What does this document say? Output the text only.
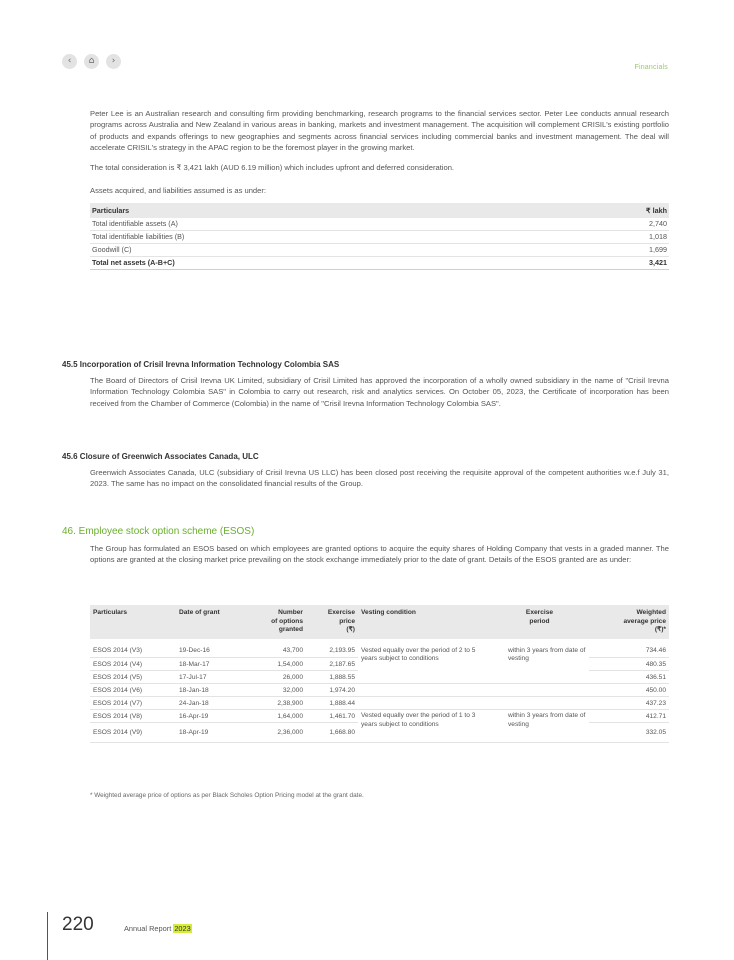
‹	⌂	›
Financials

Peter Lee is an Australian research and consulting firm providing benchmarking, research programs to the financial services sector. Peter Lee conducts annual research programs across Australia and New Zealand in various areas in banking, markets and investment management. The acquisition will complement CRISIL's existing portfolio of products and expands offerings to new geographies and segments across financial services including commercial banks and investment management. The deal will accelerate CRISIL's strategy in the APAC region to be the foremost player in the growing market.

The total consideration is ₹ 3,421 lakh (AUD 6.19 million) which includes upfront and deferred consideration.

Assets acquired, and liabilities assumed is as under:

Particulars	₹ lakh
Total identifiable assets (A)	2,740
Total identifiable liabilities (B)	1,018
Goodwill (C)	1,699
Total net assets (A-B+C)	3,421
45.5 Incorporation of Crisil Irevna Information Technology Colombia SAS

The Board of Directors of Crisil Irevna UK Limited, subsidiary of Crisil Limited has approved the incorporation of a wholly owned subsidiary in the name of "Crisil Irevna Information Technology Colombia SAS" in Colombia to carry out research, risk and analytics services. On October 05, 2023, the Certificate of incorporation has been received from the Chamber of Commerce (Colombia) in the name of "Crisil Irevna Information Technology Colombia SAS".

45.6 Closure of Greenwich Associates Canada, ULC

Greenwich Associates Canada, ULC (subsidiary of Crisil Irevna US LLC) has been closed post receiving the requisite approval of the competent authorities w.e.f July 31, 2023. The same has no impact on the consolidated financial results of the Group.

46. Employee stock option scheme (ESOS)

The Group has formulated an ESOS based on which employees are granted options to acquire the equity shares of Holding Company that vests in a graded manner. The options are granted at the closing market price prevailing on the stock exchange immediately prior to the date of grant. Details of the ESOS granted are as under:

Particulars	Date of grant	Number
of options
granted	Exercise
price
(₹)	Vesting condition	Exercise
period	Weighted
average price
(₹)*

ESOS 2014 (V3)	19-Dec-16	43,700	2,193.95	Vested equally over the period of 2 to 5 years subject to conditions	within 3 years from date of vesting	734.46
ESOS 2014 (V4)	18-Mar-17	1,54,000	2,187.65			480.35
ESOS 2014 (V5)	17-Jul-17	26,000	1,888.55			436.51
ESOS 2014 (V6)	18-Jan-18	32,000	1,974.20			450.00
ESOS 2014 (V7)	24-Jan-18	2,38,900	1,888.44			437.23
ESOS 2014 (V8)	16-Apr-19	1,64,000	1,461.70	Vested equally over the period of 1 to 3 years subject to conditions	within 3 years from date of vesting	412.71
ESOS 2014 (V9)	18-Apr-19	2,36,000	1,668.80			332.05
* Weighted average price of options as per Black Scholes Option Pricing model at the grant date.
220	Annual Report 2023
